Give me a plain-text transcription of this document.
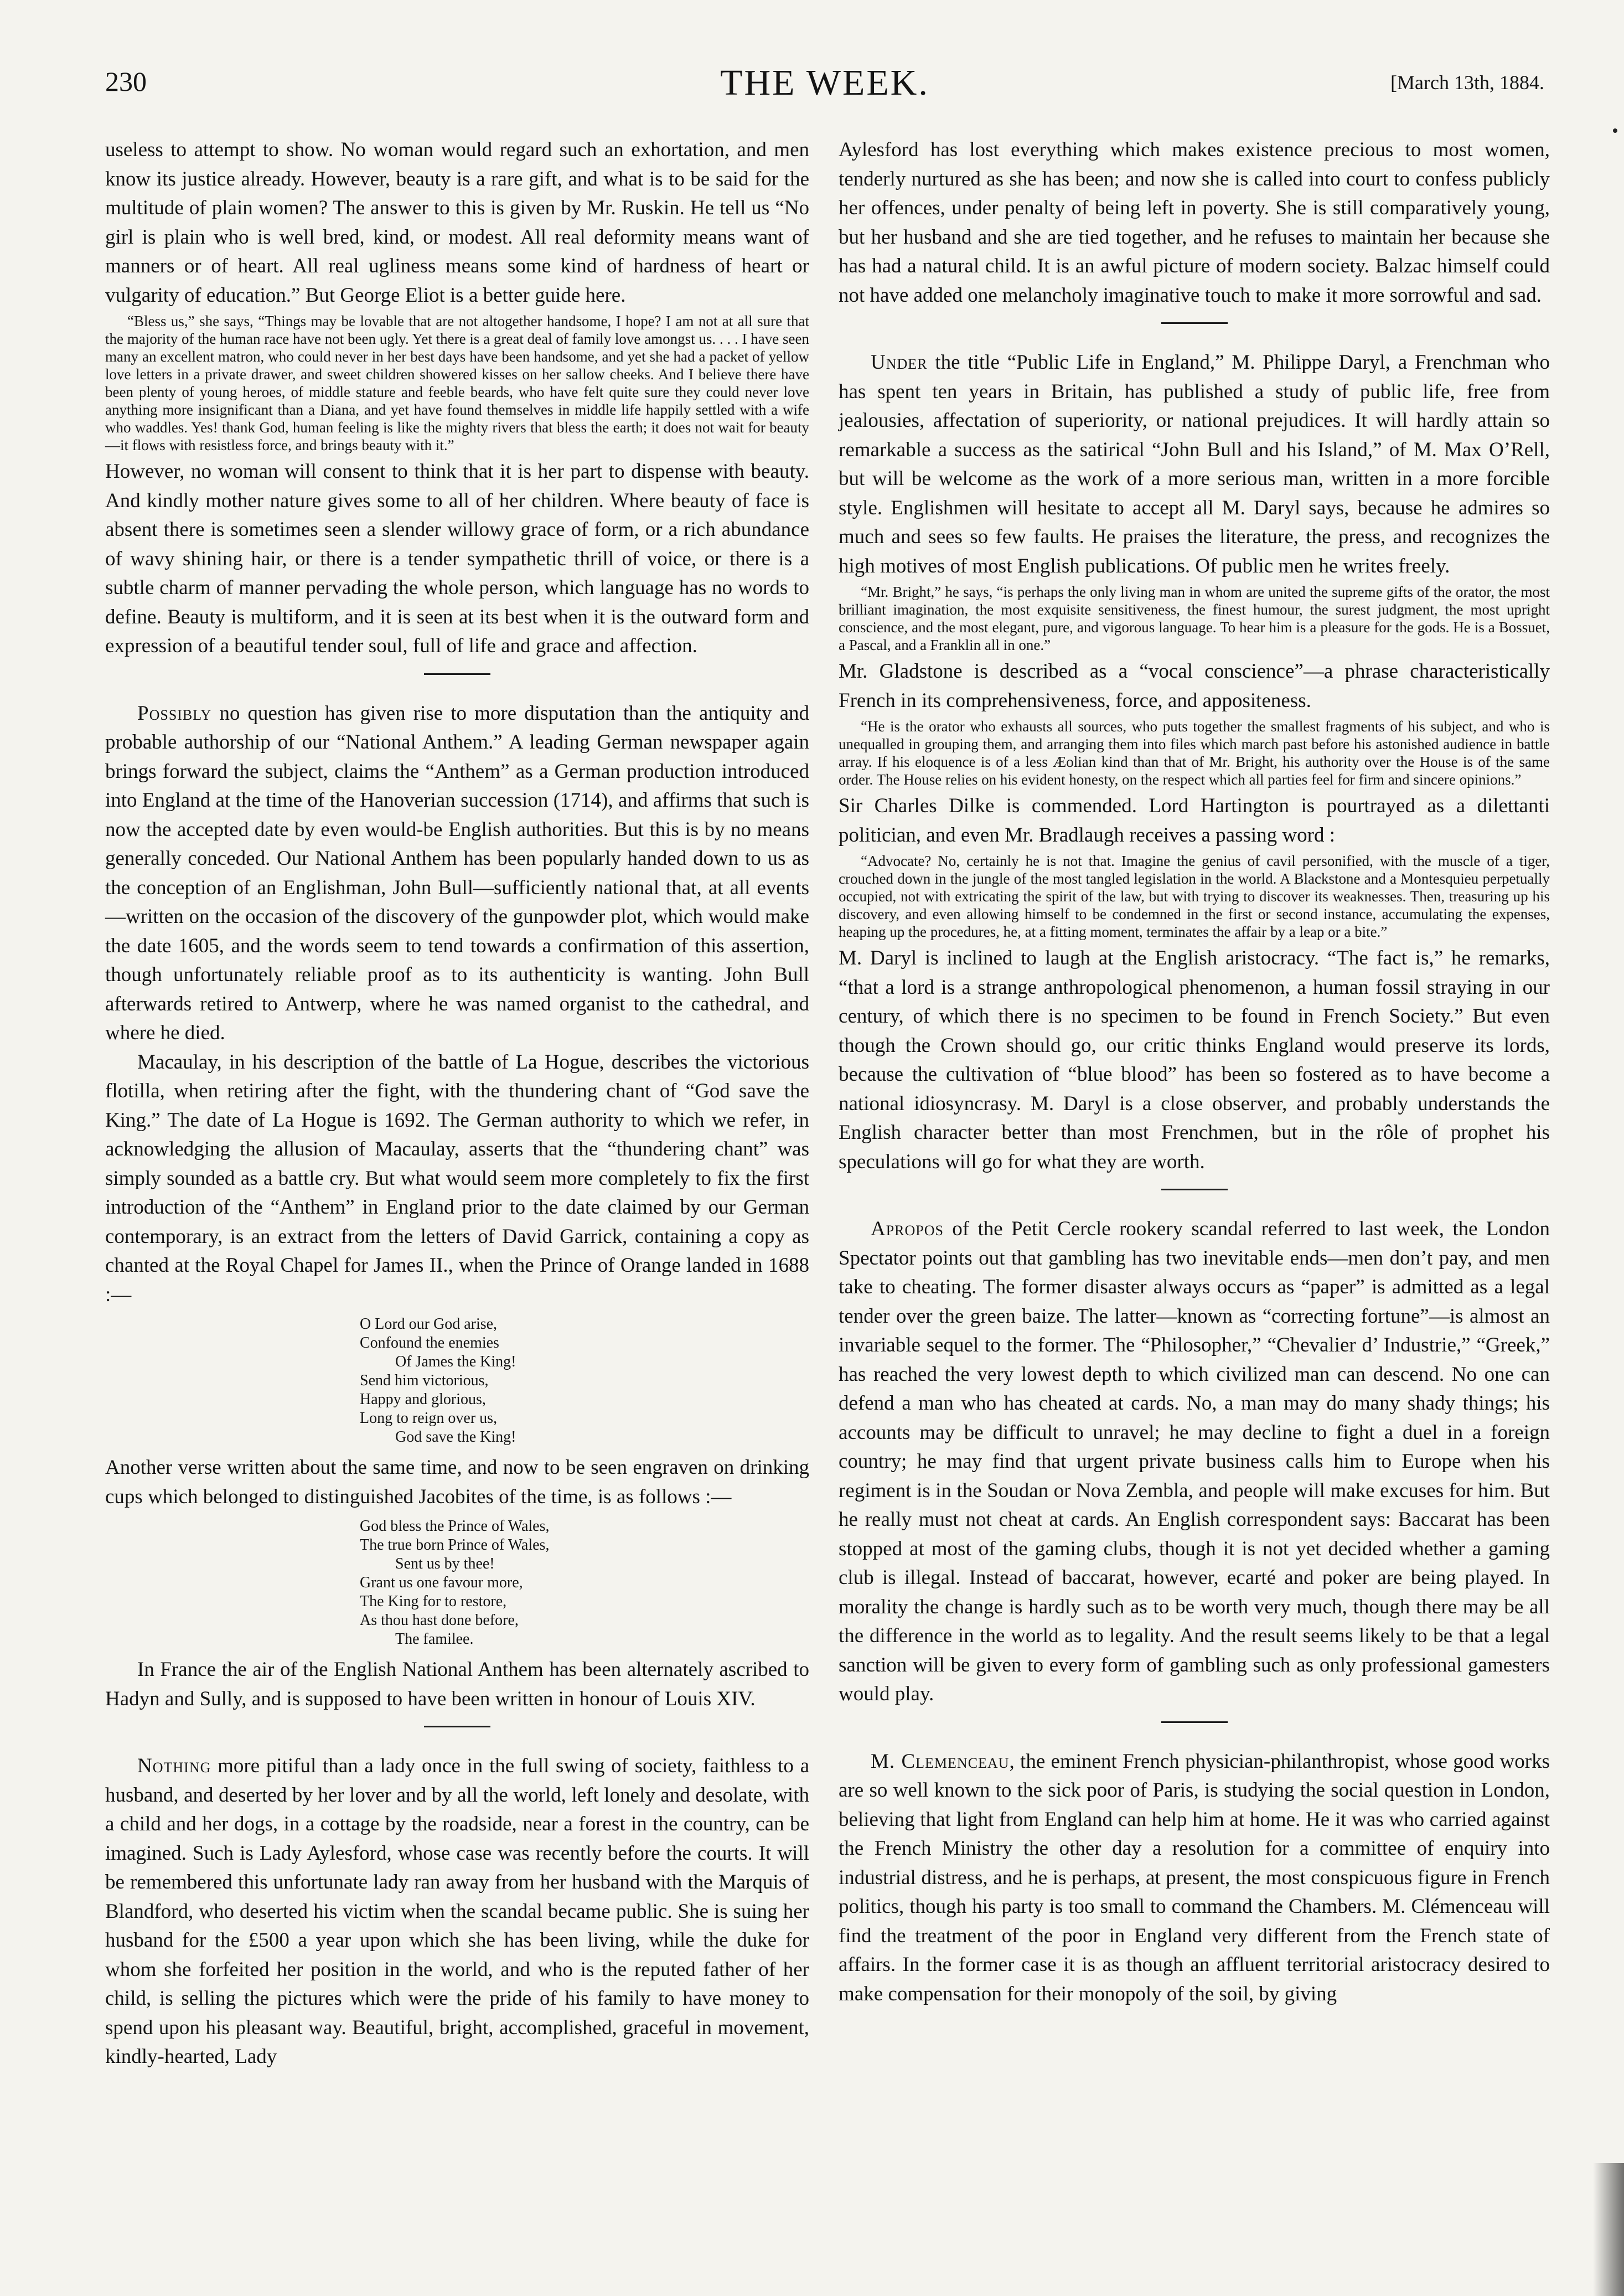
230	THE WEEK.	[March 13th, 1884.

useless to attempt to show. No woman would regard such an exhortation, and men know its justice already. However, beauty is a rare gift, and what is to be said for the multitude of plain women? The answer to this is given by Mr. Ruskin. He tell us “No girl is plain who is well bred, kind, or modest. All real deformity means want of manners or of heart. All real ugliness means some kind of hardness of heart or vulgarity of education.” But George Eliot is a better guide here.

“Bless us,” she says, “Things may be lovable that are not altogether handsome, I hope? I am not at all sure that the majority of the human race have not been ugly. Yet there is a great deal of family love amongst us. . . . I have seen many an excellent matron, who could never in her best days have been handsome, and yet she had a packet of yellow love letters in a private drawer, and sweet children showered kisses on her sallow cheeks. And I believe there have been plenty of young heroes, of middle stature and feeble beards, who have felt quite sure they could never love anything more insignificant than a Diana, and yet have found themselves in middle life happily settled with a wife who waddles. Yes! thank God, human feeling is like the mighty rivers that bless the earth; it does not wait for beauty—it flows with resistless force, and brings beauty with it.”

However, no woman will consent to think that it is her part to dispense with beauty. And kindly mother nature gives some to all of her children. Where beauty of face is absent there is sometimes seen a slender willowy grace of form, or a rich abundance of wavy shining hair, or there is a tender sympathetic thrill of voice, or there is a subtle charm of manner pervading the whole person, which language has no words to define. Beauty is multiform, and it is seen at its best when it is the outward form and expression of a beautiful tender soul, full of life and grace and affection.

Possibly no question has given rise to more disputation than the antiquity and probable authorship of our “National Anthem.” A leading German newspaper again brings forward the subject, claims the “Anthem” as a German production introduced into England at the time of the Hanoverian succession (1714), and affirms that such is now the accepted date by even would-be English authorities. But this is by no means generally conceded. Our National Anthem has been popularly handed down to us as the conception of an Englishman, John Bull—sufficiently national that, at all events—written on the occasion of the discovery of the gunpowder plot, which would make the date 1605, and the words seem to tend towards a confirmation of this assertion, though unfortunately reliable proof as to its authenticity is wanting. John Bull afterwards retired to Antwerp, where he was named organist to the cathedral, and where he died.

Macaulay, in his description of the battle of La Hogue, describes the victorious flotilla, when retiring after the fight, with the thundering chant of “God save the King.” The date of La Hogue is 1692. The German authority to which we refer, in acknowledging the allusion of Macaulay, asserts that the “thundering chant” was simply sounded as a battle cry. But what would seem more completely to fix the first introduction of the “Anthem” in England prior to the date claimed by our German contemporary, is an extract from the letters of David Garrick, containing a copy as chanted at the Royal Chapel for James II., when the Prince of Orange landed in 1688 :—

O Lord our God arise,
Confound the enemies
Of James the King!
Send him victorious,
Happy and glorious,
Long to reign over us,
God save the King!

Another verse written about the same time, and now to be seen engraven on drinking cups which belonged to distinguished Jacobites of the time, is as follows :—

God bless the Prince of Wales,
The true born Prince of Wales,
Sent us by thee!
Grant us one favour more,
The King for to restore,
As thou hast done before,
The familee.

In France the air of the English National Anthem has been alternately ascribed to Hadyn and Sully, and is supposed to have been written in honour of Louis XIV.

Nothing more pitiful than a lady once in the full swing of society, faithless to a husband, and deserted by her lover and by all the world, left lonely and desolate, with a child and her dogs, in a cottage by the roadside, near a forest in the country, can be imagined. Such is Lady Aylesford, whose case was recently before the courts. It will be remembered this unfortunate lady ran away from her husband with the Marquis of Blandford, who deserted his victim when the scandal became public. She is suing her husband for the £500 a year upon which she has been living, while the duke for whom she forfeited her position in the world, and who is the reputed father of her child, is selling the pictures which were the pride of his family to have money to spend upon his pleasant way. Beautiful, bright, accomplished, graceful in movement, kindly-hearted, Lady

Aylesford has lost everything which makes existence precious to most women, tenderly nurtured as she has been; and now she is called into court to confess publicly her offences, under penalty of being left in poverty. She is still comparatively young, but her husband and she are tied together, and he refuses to maintain her because she has had a natural child. It is an awful picture of modern society. Balzac himself could not have added one melancholy imaginative touch to make it more sorrowful and sad.

Under the title “Public Life in England,” M. Philippe Daryl, a Frenchman who has spent ten years in Britain, has published a study of public life, free from jealousies, affectation of superiority, or national prejudices. It will hardly attain so remarkable a success as the satirical “John Bull and his Island,” of M. Max O’Rell, but will be welcome as the work of a more serious man, written in a more forcible style. Englishmen will hesitate to accept all M. Daryl says, because he admires so much and sees so few faults. He praises the literature, the press, and recognizes the high motives of most English publications. Of public men he writes freely.

“Mr. Bright,” he says, “is perhaps the only living man in whom are united the supreme gifts of the orator, the most brilliant imagination, the most exquisite sensitiveness, the finest humour, the surest judgment, the most upright conscience, and the most elegant, pure, and vigorous language. To hear him is a pleasure for the gods. He is a Bossuet, a Pascal, and a Franklin all in one.”

Mr. Gladstone is described as a “vocal conscience”—a phrase characteristically French in its comprehensiveness, force, and appositeness.

“He is the orator who exhausts all sources, who puts together the smallest fragments of his subject, and who is unequalled in grouping them, and arranging them into files which march past before his astonished audience in battle array. If his eloquence is of a less Æolian kind than that of Mr. Bright, his authority over the House is of the same order. The House relies on his evident honesty, on the respect which all parties feel for firm and sincere opinions.”

Sir Charles Dilke is commended. Lord Hartington is pourtrayed as a dilettanti politician, and even Mr. Bradlaugh receives a passing word :

“Advocate? No, certainly he is not that. Imagine the genius of cavil personified, with the muscle of a tiger, crouched down in the jungle of the most tangled legislation in the world. A Blackstone and a Montesquieu perpetually occupied, not with extricating the spirit of the law, but with trying to discover its weaknesses. Then, treasuring up his discovery, and even allowing himself to be condemned in the first or second instance, accumulating the expenses, heaping up the procedures, he, at a fitting moment, terminates the affair by a leap or a bite.”

M. Daryl is inclined to laugh at the English aristocracy. “The fact is,” he remarks, “that a lord is a strange anthropological phenomenon, a human fossil straying in our century, of which there is no specimen to be found in French Society.” But even though the Crown should go, our critic thinks England would preserve its lords, because the cultivation of “blue blood” has been so fostered as to have become a national idiosyncrasy. M. Daryl is a close observer, and probably understands the English character better than most Frenchmen, but in the rôle of prophet his speculations will go for what they are worth.

Apropos of the Petit Cercle rookery scandal referred to last week, the London Spectator points out that gambling has two inevitable ends—men don’t pay, and men take to cheating. The former disaster always occurs as “paper” is admitted as a legal tender over the green baize. The latter—known as “correcting fortune”—is almost an invariable sequel to the former. The “Philosopher,” “Chevalier d’ Industrie,” “Greek,” has reached the very lowest depth to which civilized man can descend. No one can defend a man who has cheated at cards. No, a man may do many shady things; his accounts may be difficult to unravel; he may decline to fight a duel in a foreign country; he may find that urgent private business calls him to Europe when his regiment is in the Soudan or Nova Zembla, and people will make excuses for him. But he really must not cheat at cards. An English correspondent says: Baccarat has been stopped at most of the gaming clubs, though it is not yet decided whether a gaming club is illegal. Instead of baccarat, however, ecarté and poker are being played. In morality the change is hardly such as to be worth very much, though there may be all the difference in the world as to legality. And the result seems likely to be that a legal sanction will be given to every form of gambling such as only professional gamesters would play.

M. Clemenceau, the eminent French physician-philanthropist, whose good works are so well known to the sick poor of Paris, is studying the social question in London, believing that light from England can help him at home. He it was who carried against the French Ministry the other day a resolution for a committee of enquiry into industrial distress, and he is perhaps, at present, the most conspicuous figure in French politics, though his party is too small to command the Chambers. M. Clémenceau will find the treatment of the poor in England very different from the French state of affairs. In the former case it is as though an affluent territorial aristocracy desired to make compensation for their monopoly of the soil, by giving
